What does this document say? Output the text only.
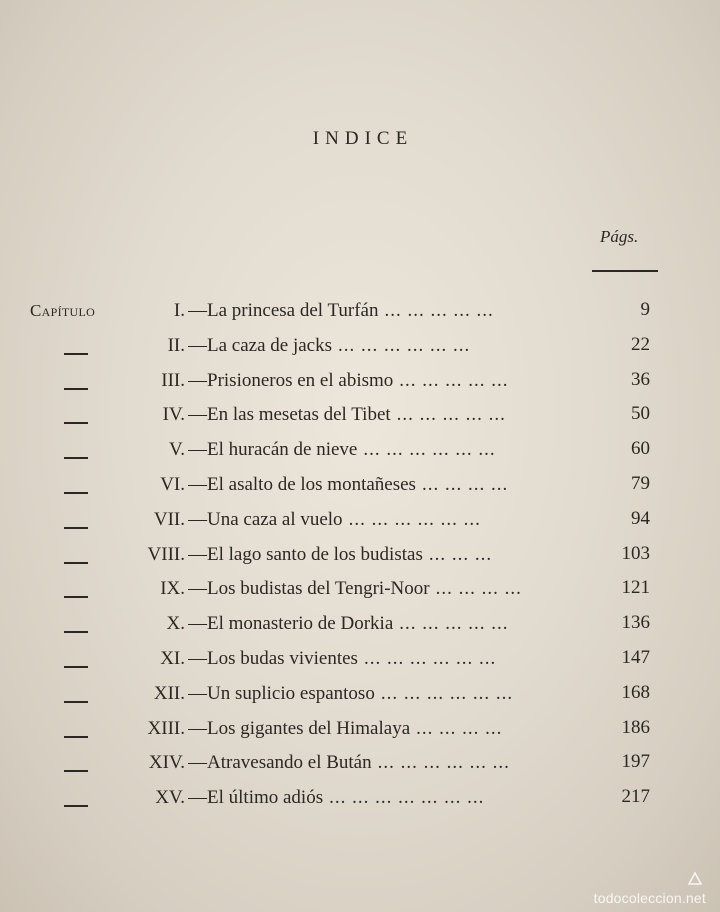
INDICE
Págs.
Capítulo	I. —La princesa del Turfán ... ... ... ... ...	9
II. —La caza de jacks ... ... ... ... ... ...	22
III. —Prisioneros en el abismo ... ... ... ... ...	36
IV. —En las mesetas del Tibet ... ... ... ... ...	50
V. —El huracán de nieve ... ... ... ... ... ...	60
VI. —El asalto de los montañeses ... ... ... ...	79
VII. —Una caza al vuelo ... ... ... ... ... ...	94
VIII. —El lago santo de los budistas ... ... ...	103
IX. —Los budistas del Tengri-Noor ... ... ... ...	121
X. —El monasterio de Dorkia ... ... ... ... ...	136
XI. —Los budas vivientes ... ... ... ... ... ...	147
XII. —Un suplicio espantoso ... ... ... ... ... ...	168
XIII. —Los gigantes del Himalaya ... ... ... ...	186
XIV. —Atravesando el Bután ... ... ... ... ... ...	197
XV. —El último adiós ... ... ... ... ... ... ...	217
todocoleccion.net
